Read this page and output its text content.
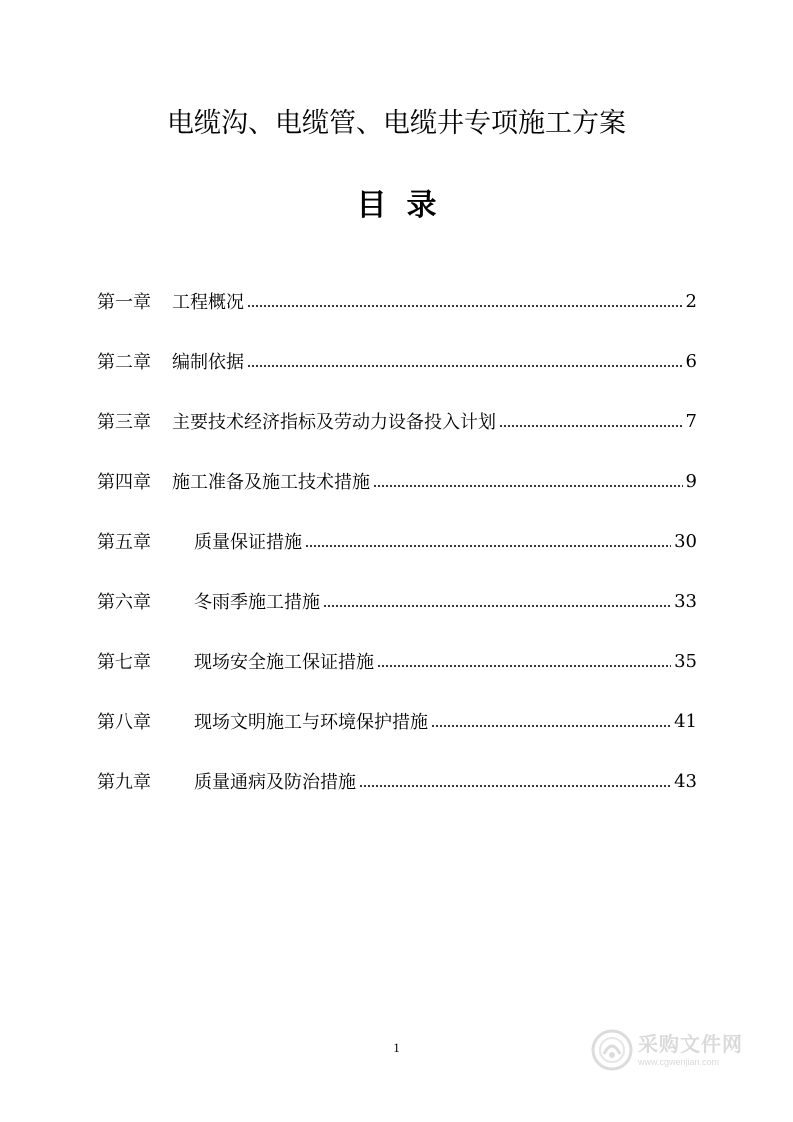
电缆沟、电缆管、电缆井专项施工方案
目录
第一章	工程概况	2
第二章	编制依据	6
第三章	主要技术经济指标及劳动力设备投入计划	7
第四章	施工准备及施工技术措施	9
第五章	质量保证措施	30
第六章	冬雨季施工措施	33
第七章	现场安全施工保证措施	35
第八章	现场文明施工与环境保护措施	41
第九章	质量通病及防治措施	43
1	采购文件网
www.cgwenjian.com
